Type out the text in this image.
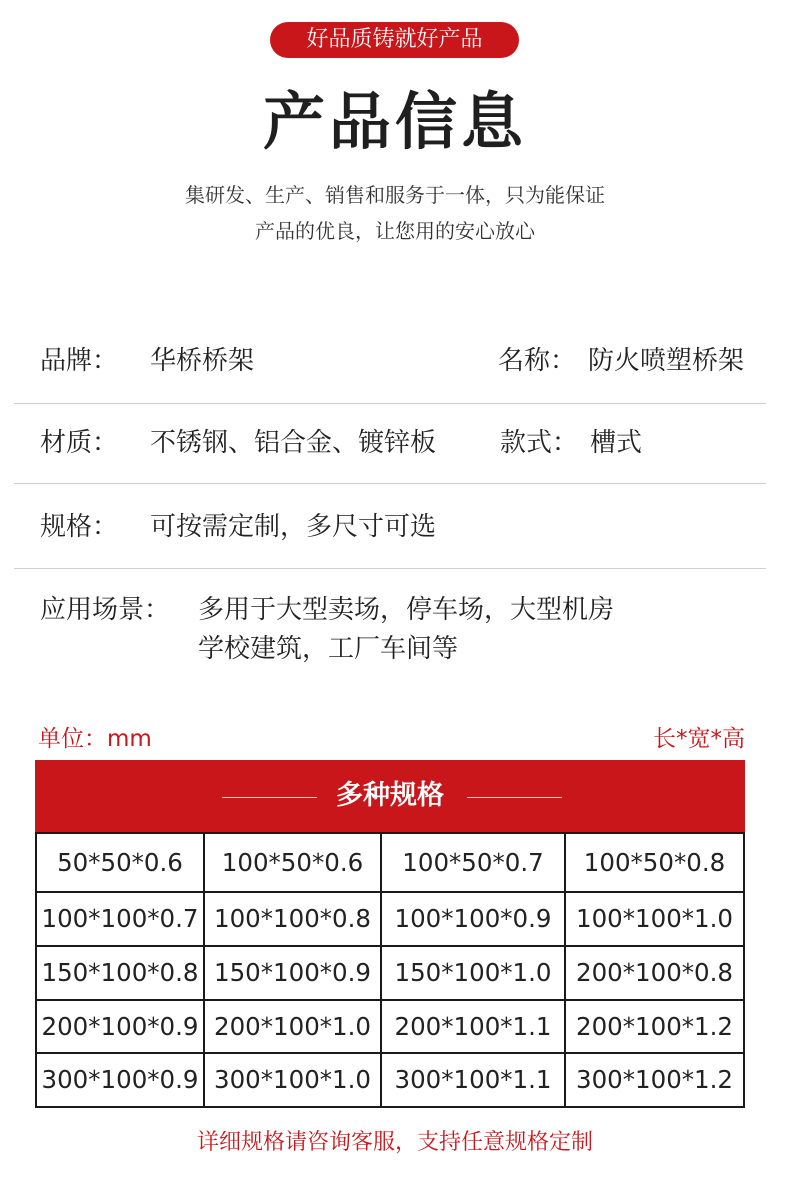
好品质铸就好产品
产品信息
集研发、生产、销售和服务于一体，只为能保证
产品的优良，让您用的安心放心
品牌： 华桥桥架	名称： 防火喷塑桥架
材质： 不锈钢、铝合金、镀锌板 款式： 槽式
规格： 可按需定制，多尺寸可选
应用场景： 多用于大型卖场，停车场，大型机房
学校建筑，工厂车间等
单位：mm	长*宽*高
多种规格
50*50*0.6	100*50*0.6	100*50*0.7	100*50*0.8
100*100*0.7 100*100*0.8 100*100*0.9	100*100*1.0
150*100*0.8 150*100*0.9 150*100*1.0	200*100*0.8
200*100*0.9 200*100*1.0 200*100*1.1	200*100*1.2
300*100*0.9 300*100*1.0 300*100*1.1	300*100*1.2
详细规格请咨询客服，支持任意规格定制
